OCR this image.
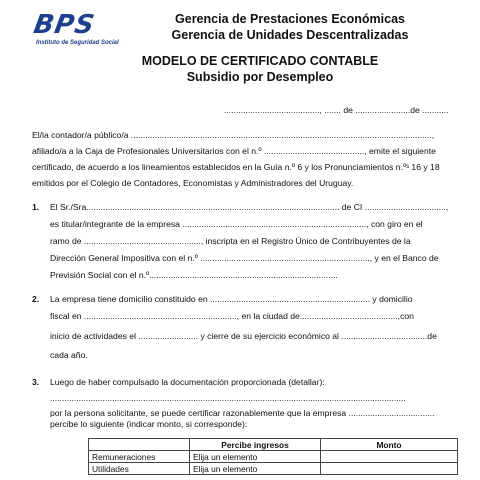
BPS
Instituto de Seguridad Social
Gerencia de Prestaciones Económicas
Gerencia de Unidades Descentralizadas
MODELO DE CERTIFICADO CONTABLE
Subsidio por Desempleo
........................................, ....... de .......................de ...........
El/la contador/a público/a ..............................................................................................................................,
afiliado/a a la Caja de Profesionales Universitarios con el n.º .........................................., emite el siguiente
certificado, de acuerdo a los lineamientos establecidos en la Guía n.º 6 y los Pronunciamientos n.ºˢ 16 y 18
emitidos por el Colegio de Contadores, Economistas y Administradores del Uruguay.
1. El Sr./Sra.......................................................................................................... de CI ..................................,
es titular/integrante de la empresa ............................................................................., con giro en el
ramo de ................................................., inscripta en el Registro Único de Contribuyentes de la
Dirección General Impositiva con el n.º ......................................................................., y en el Banco de
Previsión Social con el n.º...............................................................................
2. La empresa tiene domicilio constituido en ................................................................... y domicilio
fiscal en ................................................................, en la ciudad de.........................................,con
inicio de actividades el ......................... y cierre de su ejercicio económico al ....................................de
cada año.
3. Luego de haber compulsado la documentación proporcionada (detallar):
.....................................................................................................................................................
por la persona solicitante, se puede certificar razonablemente que la empresa ....................................
percibe lo siguiente (indicar monto, si corresponde):
	Percibe ingresos	Monto
Remuneraciones	Elija un elemento	
Utilidades	Elija un elemento	
